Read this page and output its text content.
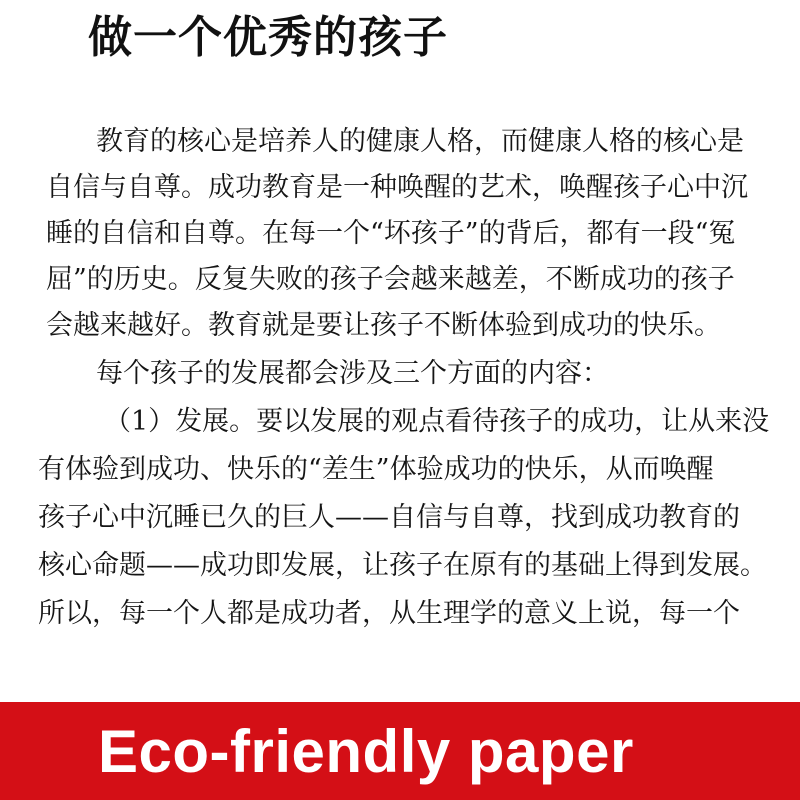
做一个优秀的孩子
教育的核心是培养人的健康人格，而健康人格的核心是
自信与自尊。成功教育是一种唤醒的艺术，唤醒孩子心中沉
睡的自信和自尊。在每一个“坏孩子”的背后，都有一段“冤
屈”的历史。反复失败的孩子会越来越差，不断成功的孩子
会越来越好。教育就是要让孩子不断体验到成功的快乐。
每个孩子的发展都会涉及三个方面的内容：
（1）发展。要以发展的观点看待孩子的成功，让从来没
有体验到成功、快乐的“差生”体验成功的快乐，从而唤醒
孩子心中沉睡已久的巨人——自信与自尊，找到成功教育的
核心命题——成功即发展，让孩子在原有的基础上得到发展。
所以，每一个人都是成功者，从生理学的意义上说，每一个
Eco-friendly paper
